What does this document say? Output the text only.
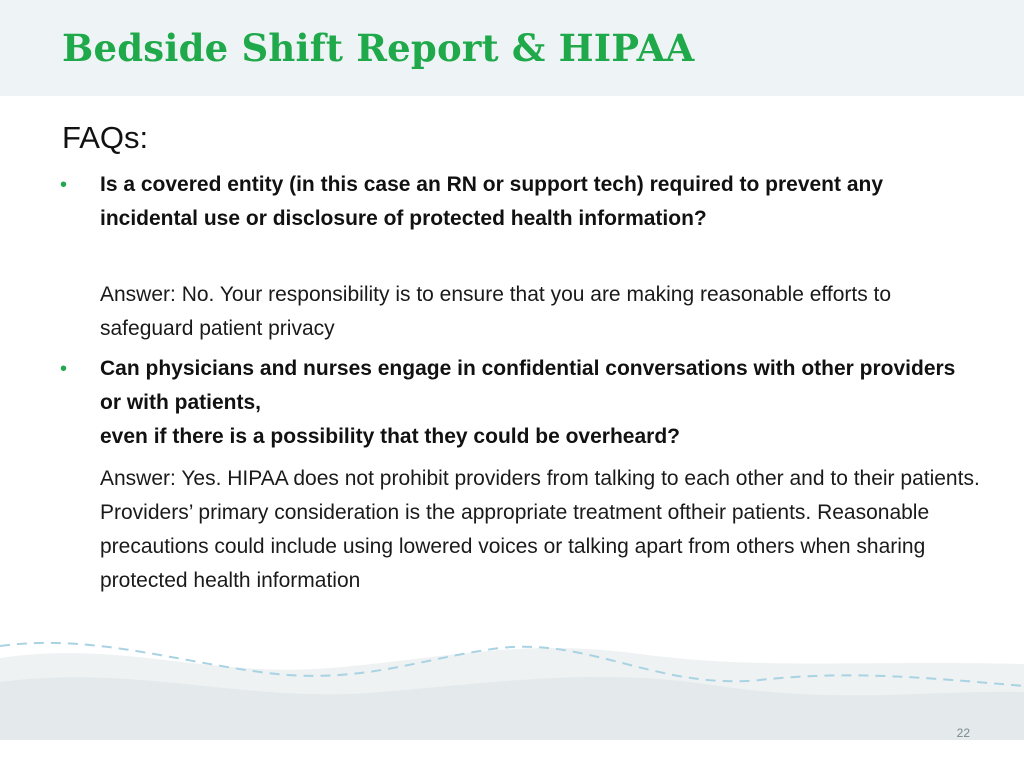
Bedside Shift Report & HIPAA
FAQs:
• Is a covered entity (in this case an RN or support tech) required to prevent any incidental use or disclosure of protected health information?

Answer: No. Your responsibility is to ensure that you are making reasonable efforts to safeguard patient privacy

• Can physicians and nurses engage in confidential conversations with other providers or with patients,
even if there is a possibility that they could be overheard?

Answer: Yes. HIPAA does not prohibit providers from talking to each other and to their patients. Providers’ primary consideration is the appropriate treatment oftheir patients. Reasonable precautions could include using lowered voices or talking apart from others when sharing protected health information

22
